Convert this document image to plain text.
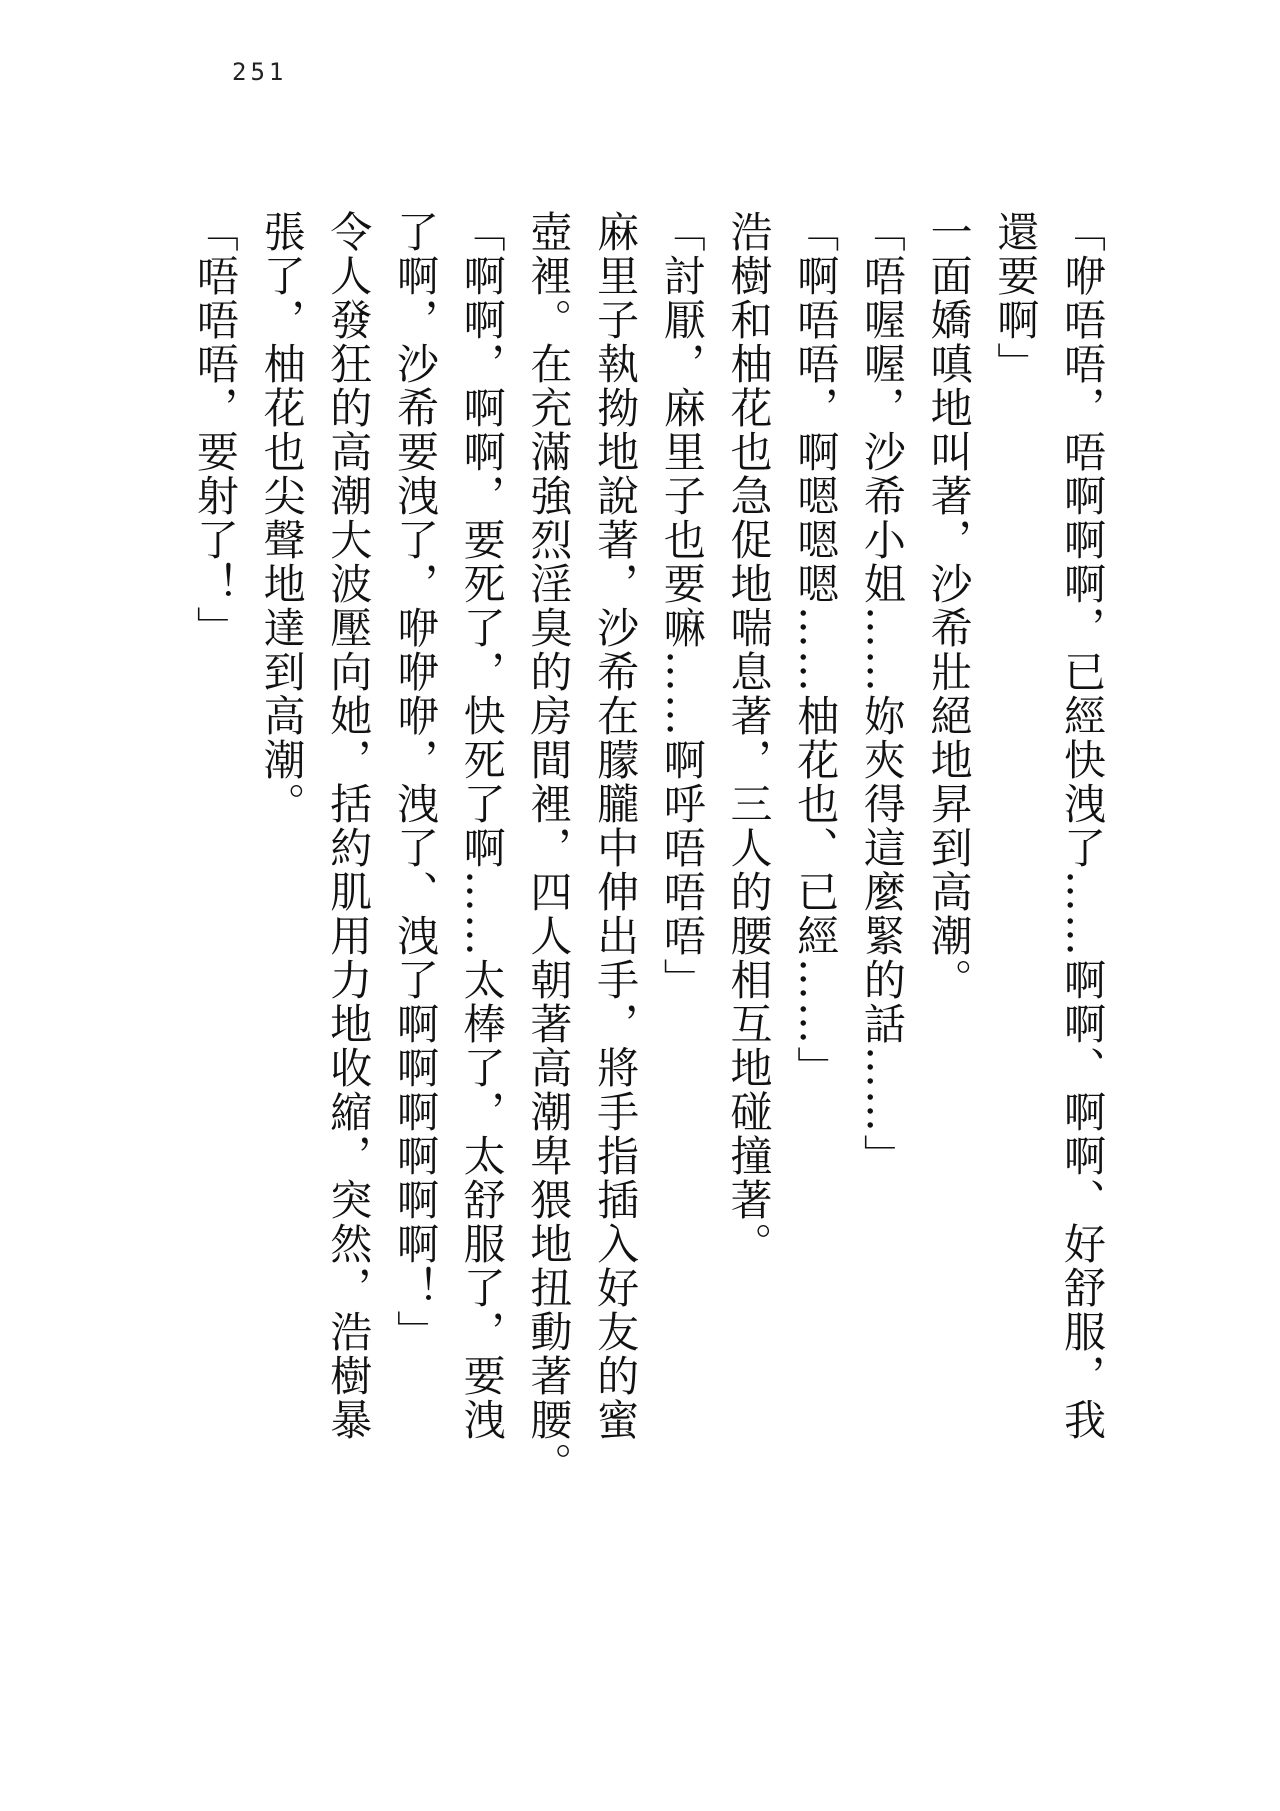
251

「咿唔唔，唔啊啊啊，已經快洩了……啊啊、啊啊、好舒服，我

還要啊」

一面嬌嗔地叫著，沙希壯絕地昇到高潮。

「唔喔喔，沙希小姐……妳夾得這麼緊的話……」

「啊唔唔，啊嗯嗯嗯……柚花也、已經……」

浩樹和柚花也急促地喘息著，三人的腰相互地碰撞著。

「討厭，麻里子也要嘛……啊呼唔唔唔」

麻里子執拗地說著，沙希在朦朧中伸出手，將手指插入好友的蜜

壺裡。在充滿強烈淫臭的房間裡，四人朝著高潮卑猥地扭動著腰。

「啊啊，啊啊，要死了，快死了啊……太棒了，太舒服了，要洩

了啊，沙希要洩了，咿咿咿，洩了、洩了啊啊啊啊啊啊！」

令人發狂的高潮大波壓向她，括約肌用力地收縮，突然，浩樹暴

張了，柚花也尖聲地達到高潮。

「唔唔唔，要射了！」
